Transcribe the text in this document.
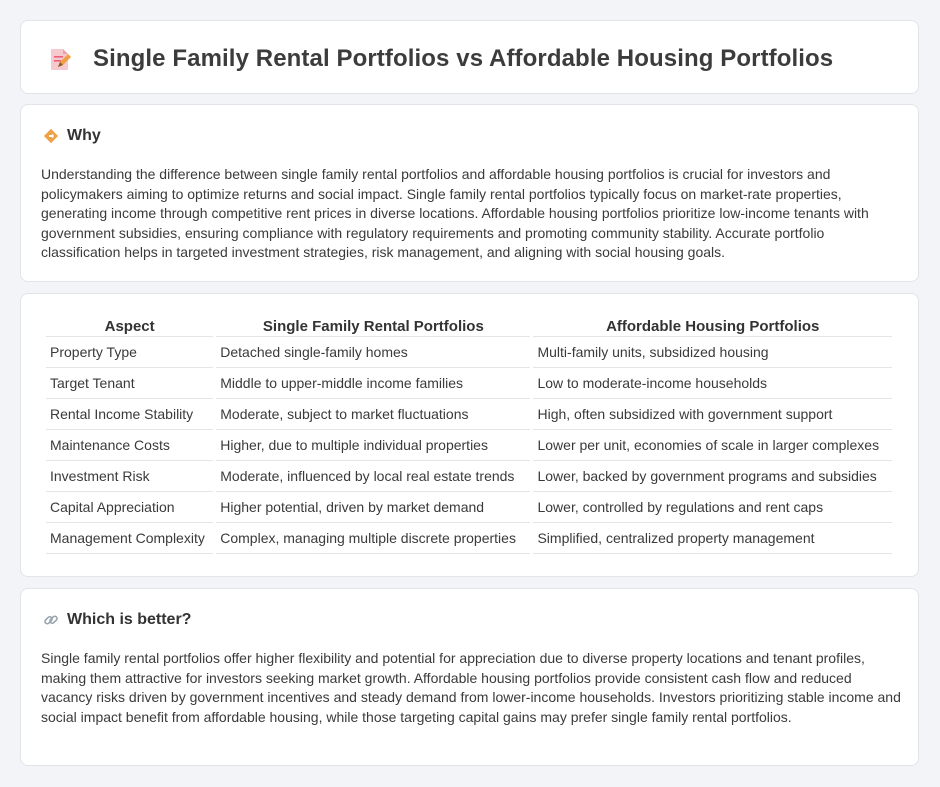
Single Family Rental Portfolios vs Affordable Housing Portfolios
Why

Understanding the difference between single family rental portfolios and affordable housing portfolios is crucial for investors and policymakers aiming to optimize returns and social impact. Single family rental portfolios typically focus on market-rate properties, generating income through competitive rent prices in diverse locations. Affordable housing portfolios prioritize low-income tenants with government subsidies, ensuring compliance with regulatory requirements and promoting community stability. Accurate portfolio classification helps in targeted investment strategies, risk management, and aligning with social housing goals.

Aspect	Single Family Rental Portfolios	Affordable Housing Portfolios
Property Type	Detached single-family homes	Multi-family units, subsidized housing
Target Tenant	Middle to upper-middle income families	Low to moderate-income households
Rental Income Stability	Moderate, subject to market fluctuations	High, often subsidized with government support
Maintenance Costs	Higher, due to multiple individual properties	Lower per unit, economies of scale in larger complexes
Investment Risk	Moderate, influenced by local real estate trends	Lower, backed by government programs and subsidies
Capital Appreciation	Higher potential, driven by market demand	Lower, controlled by regulations and rent caps
Management Complexity	Complex, managing multiple discrete properties	Simplified, centralized property management
Which is better?

Single family rental portfolios offer higher flexibility and potential for appreciation due to diverse property locations and tenant profiles, making them attractive for investors seeking market growth. Affordable housing portfolios provide consistent cash flow and reduced vacancy risks driven by government incentives and steady demand from lower-income households. Investors prioritizing stable income and social impact benefit from affordable housing, while those targeting capital gains may prefer single family rental portfolios.
